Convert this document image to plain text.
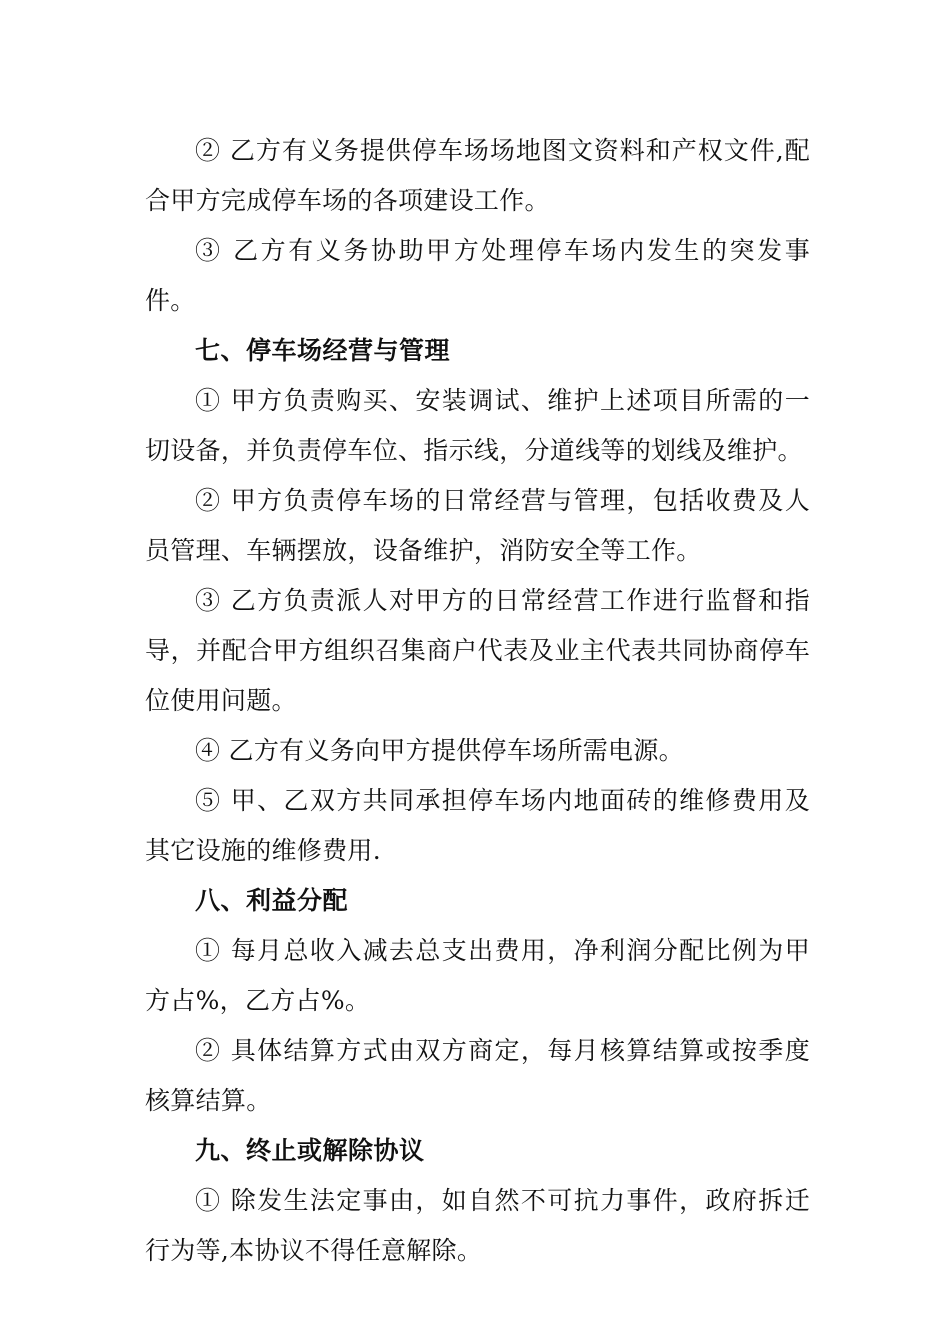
② 乙方有义务提供停车场场地图文资料和产权文件,配合甲方完成停车场的各项建设工作。

③ 乙方有义务协助甲方处理停车场内发生的突发事件。

七、停车场经营与管理

① 甲方负责购买、安装调试、维护上述项目所需的一切设备，并负责停车位、指示线，分道线等的划线及维护。

② 甲方负责停车场的日常经营与管理，包括收费及人员管理、车辆摆放，设备维护，消防安全等工作。

③ 乙方负责派人对甲方的日常经营工作进行监督和指导，并配合甲方组织召集商户代表及业主代表共同协商停车位使用问题。

④ 乙方有义务向甲方提供停车场所需电源。

⑤ 甲、乙双方共同承担停车场内地面砖的维修费用及其它设施的维修费用.

八、利益分配

① 每月总收入减去总支出费用，净利润分配比例为甲方占%，乙方占%。

② 具体结算方式由双方商定，每月核算结算或按季度核算结算。

九、终止或解除协议

① 除发生法定事由，如自然不可抗力事件，政府拆迁行为等,本协议不得任意解除。
